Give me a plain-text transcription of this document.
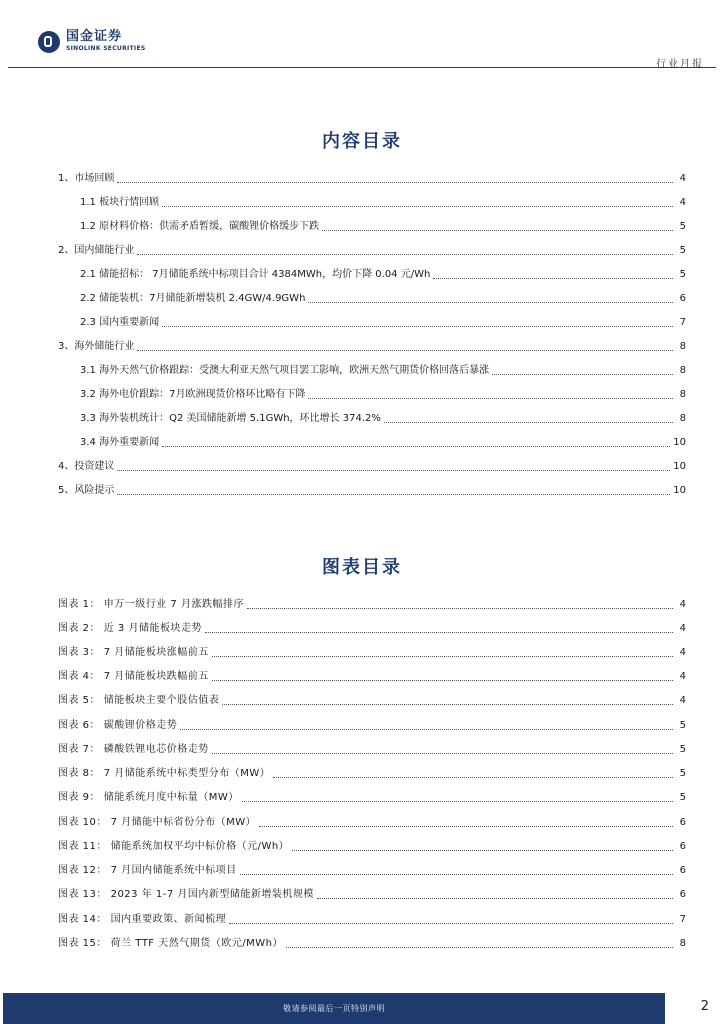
国金证券
SINOLINK SECURITIES
行业月报
内容目录
1、市场回顾	4
1.1 板块行情回顾	4
1.2 原材料价格：供需矛盾暂缓，碳酸锂价格缓步下跌	5
2、国内储能行业	5
2.1 储能招标： 7月储能系统中标项目合计 4384MWh，均价下降 0.04 元/Wh	5
2.2 储能装机：7月储能新增装机 2.4GW/4.9GWh	6
2.3 国内重要新闻	7
3、海外储能行业	8
3.1 海外天然气价格跟踪：受澳大利亚天然气项目罢工影响，欧洲天然气期货价格回落后暴涨	8
3.2 海外电价跟踪：7月欧洲现货价格环比略有下降	8
3.3 海外装机统计：Q2 美国储能新增 5.1GWh，环比增长 374.2%	8
3.4 海外重要新闻	10
4、投资建议	10
5、风险提示	10
图表目录
图表 1： 申万一级行业 7 月涨跌幅排序	4
图表 2： 近 3 月储能板块走势	4
图表 3： 7 月储能板块涨幅前五	4
图表 4： 7 月储能板块跌幅前五	4
图表 5： 储能板块主要个股估值表	4
图表 6： 碳酸锂价格走势	5
图表 7： 磷酸铁锂电芯价格走势	5
图表 8： 7 月储能系统中标类型分布（MW）	5
图表 9： 储能系统月度中标量（MW）	5
图表 10： 7 月储能中标省份分布（MW）	6
图表 11： 储能系统加权平均中标价格（元/Wh）	6
图表 12： 7 月国内储能系统中标项目	6
图表 13： 2023 年 1-7 月国内新型储能新增装机规模	6
图表 14： 国内重要政策、新闻梳理	7
图表 15： 荷兰 TTF 天然气期货（欧元/MWh）	8
敬请参阅最后一页特别声明	2
